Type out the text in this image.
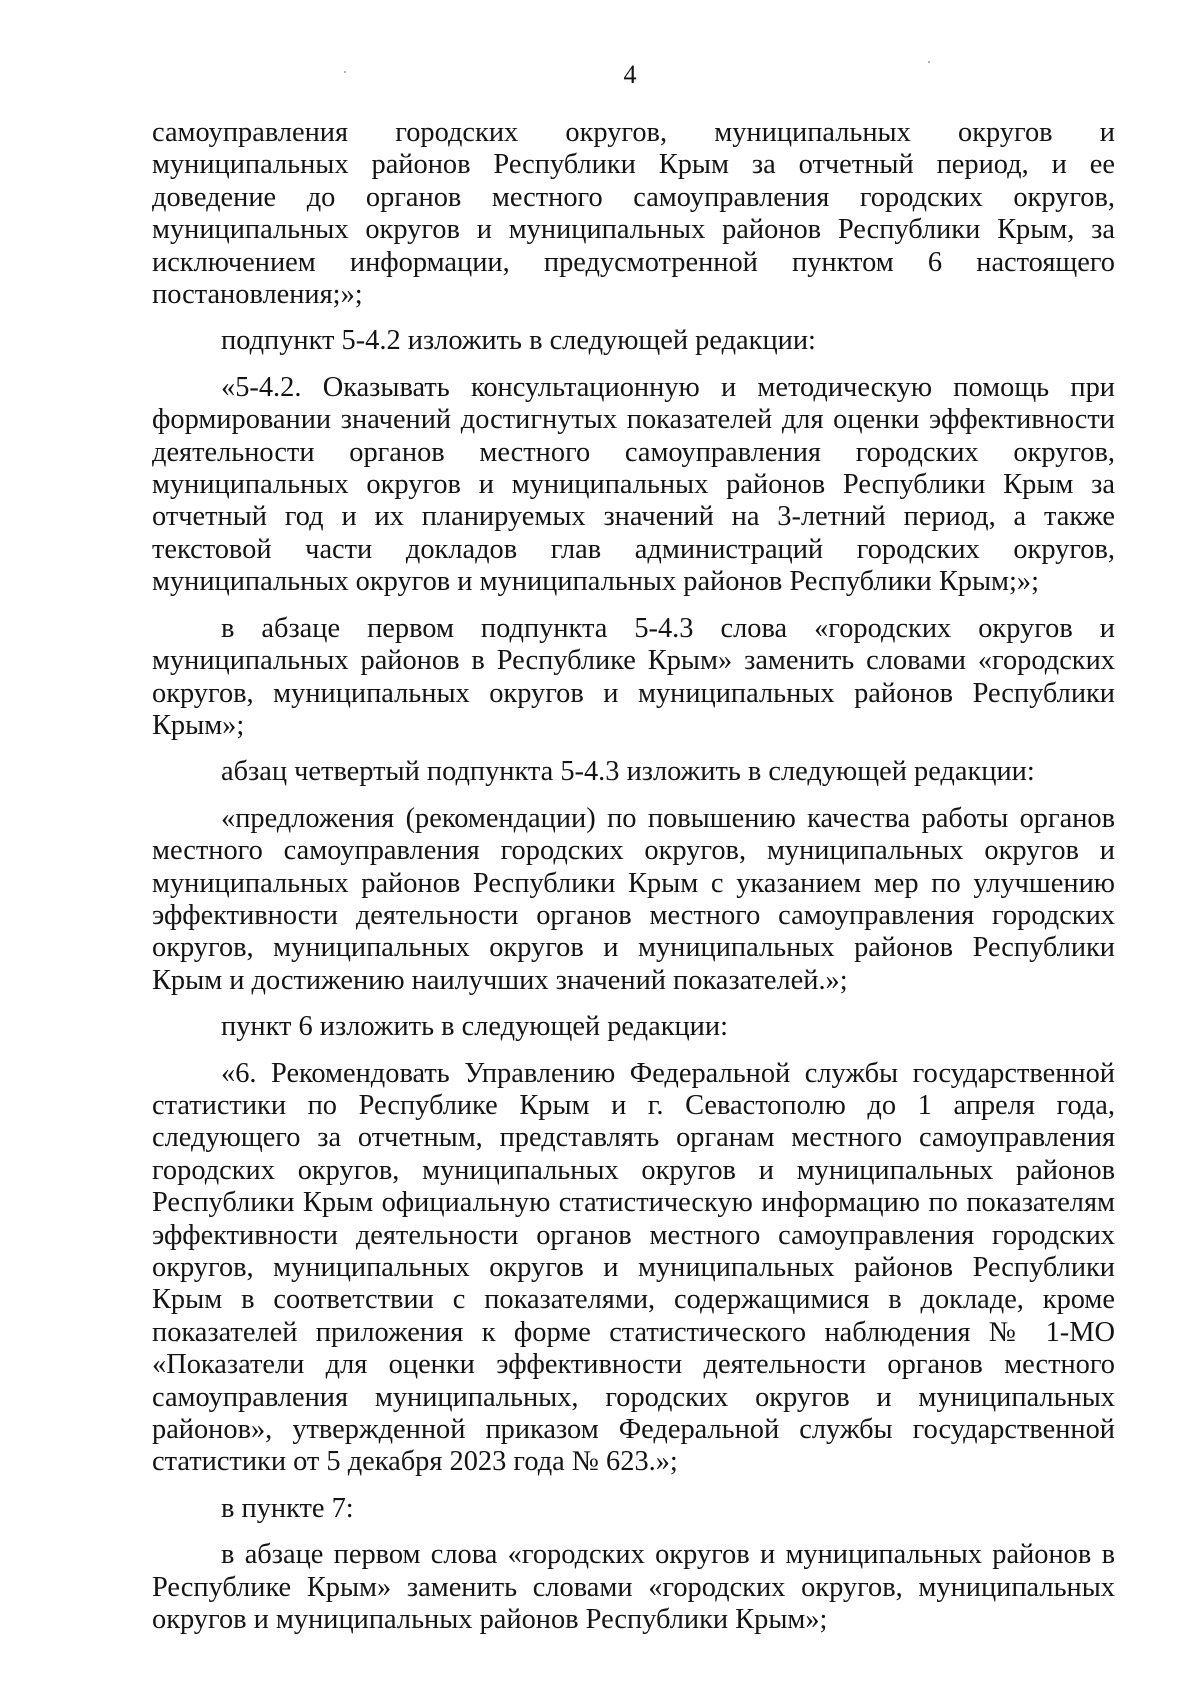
4

самоуправления городских округов, муниципальных округов и муниципальных районов Республики Крым за отчетный период, и ее доведение до органов местного самоуправления городских округов, муниципальных округов и муниципальных районов Республики Крым, за исключением информации, предусмотренной пунктом 6 настоящего постановления;»;

подпункт 5-4.2 изложить в следующей редакции:

«5-4.2. Оказывать консультационную и методическую помощь при формировании значений достигнутых показателей для оценки эффективности деятельности органов местного самоуправления городских округов, муниципальных округов и муниципальных районов Республики Крым за отчетный год и их планируемых значений на 3-летний период, а также текстовой части докладов глав администраций городских округов, муниципальных округов и муниципальных районов Республики Крым;»;

в абзаце первом подпункта 5-4.3 слова «городских округов и муниципальных районов в Республике Крым» заменить словами «городских округов, муниципальных округов и муниципальных районов Республики Крым»;

абзац четвертый подпункта 5-4.3 изложить в следующей редакции:

«предложения (рекомендации) по повышению качества работы органов местного самоуправления городских округов, муниципальных округов и муниципальных районов Республики Крым с указанием мер по улучшению эффективности деятельности органов местного самоуправления городских округов, муниципальных округов и муниципальных районов Республики Крым и достижению наилучших значений показателей.»;

пункт 6 изложить в следующей редакции:

«6. Рекомендовать Управлению Федеральной службы государственной статистики по Республике Крым и г. Севастополю до 1 апреля года, следующего за отчетным, представлять органам местного самоуправления городских округов, муниципальных округов и муниципальных районов Республики Крым официальную статистическую информацию по показателям эффективности деятельности органов местного самоуправления городских округов, муниципальных округов и муниципальных районов Республики Крым в соответствии с показателями, содержащимися в докладе, кроме показателей приложения к форме статистического наблюдения № 1-МО «Показатели для оценки эффективности деятельности органов местного самоуправления муниципальных, городских округов и муниципальных районов», утвержденной приказом Федеральной службы государственной статистики от 5 декабря 2023 года № 623.»;

в пункте 7:

в абзаце первом слова «городских округов и муниципальных районов в Республике Крым» заменить словами «городских округов, муниципальных округов и муниципальных районов Республики Крым»;
